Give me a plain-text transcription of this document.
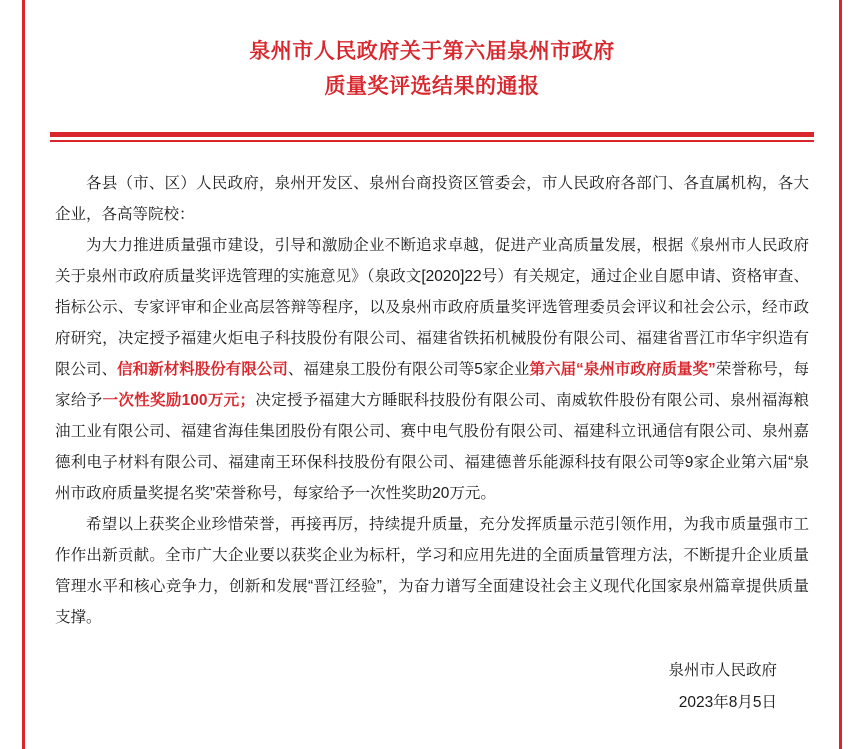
泉州市人民政府关于第六届泉州市政府
质量奖评选结果的通报

各县（市、区）人民政府，泉州开发区、泉州台商投资区管委会，市人民政府各部门、各直属机构，各大企业，各高等院校：

为大力推进质量强市建设，引导和激励企业不断追求卓越，促进产业高质量发展，根据《泉州市人民政府关于泉州市政府质量奖评选管理的实施意见》（泉政文[2020]22号）有关规定，通过企业自愿申请、资格审查、指标公示、专家评审和企业高层答辩等程序，以及泉州市政府质量奖评选管理委员会评议和社会公示，经市政府研究，决定授予福建火炬电子科技股份有限公司、福建省铁拓机械股份有限公司、福建省晋江市华宇织造有限公司、信和新材料股份有限公司、福建泉工股份有限公司等5家企业第六届“泉州市政府质量奖”荣誉称号，每家给予一次性奖励100万元；决定授予福建大方睡眠科技股份有限公司、南威软件股份有限公司、泉州福海粮油工业有限公司、福建省海佳集团股份有限公司、赛中电气股份有限公司、福建科立讯通信有限公司、泉州嘉德利电子材料有限公司、福建南王环保科技股份有限公司、福建德普乐能源科技有限公司等9家企业第六届“泉州市政府质量奖提名奖”荣誉称号，每家给予一次性奖助20万元。

希望以上获奖企业珍惜荣誉，再接再厉，持续提升质量，充分发挥质量示范引领作用，为我市质量强市工作作出新贡献。全市广大企业要以获奖企业为标杆，学习和应用先进的全面质量管理方法，不断提升企业质量管理水平和核心竞争力，创新和发展“晋江经验”，为奋力谱写全面建设社会主义现代化国家泉州篇章提供质量支撑。

泉州市人民政府
2023年8月5日
